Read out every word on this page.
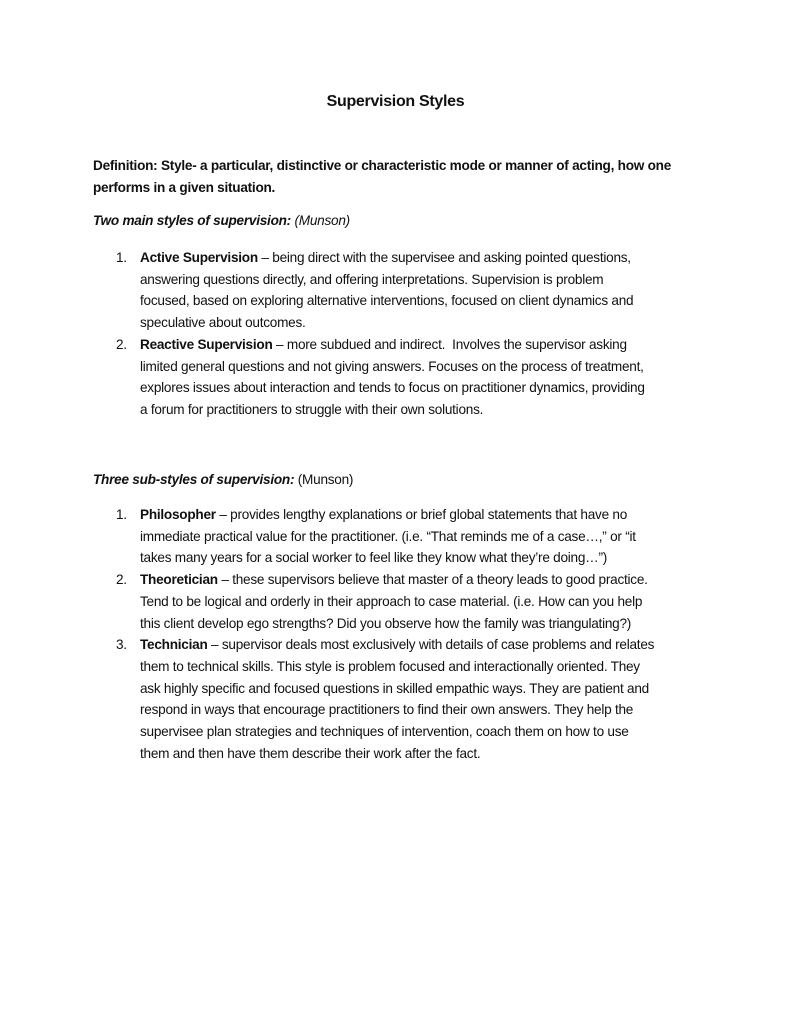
Supervision Styles
Definition: Style- a particular, distinctive or characteristic mode or manner of acting, how one
performs in a given situation.
Two main styles of supervision: (Munson)
1. Active Supervision – being direct with the supervisee and asking pointed questions,
answering questions directly, and offering interpretations. Supervision is problem
focused, based on exploring alternative interventions, focused on client dynamics and
speculative about outcomes.
2. Reactive Supervision – more subdued and indirect.  Involves the supervisor asking
limited general questions and not giving answers. Focuses on the process of treatment,
explores issues about interaction and tends to focus on practitioner dynamics, providing
a forum for practitioners to struggle with their own solutions.
Three sub-styles of supervision: (Munson)
1. Philosopher – provides lengthy explanations or brief global statements that have no
immediate practical value for the practitioner. (i.e. “That reminds me of a case…,” or “it
takes many years for a social worker to feel like they know what they’re doing…”)
2. Theoretician – these supervisors believe that master of a theory leads to good practice.
Tend to be logical and orderly in their approach to case material. (i.e. How can you help
this client develop ego strengths? Did you observe how the family was triangulating?)
3. Technician – supervisor deals most exclusively with details of case problems and relates
them to technical skills. This style is problem focused and interactionally oriented. They
ask highly specific and focused questions in skilled empathic ways. They are patient and
respond in ways that encourage practitioners to find their own answers. They help the
supervisee plan strategies and techniques of intervention, coach them on how to use
them and then have them describe their work after the fact.
